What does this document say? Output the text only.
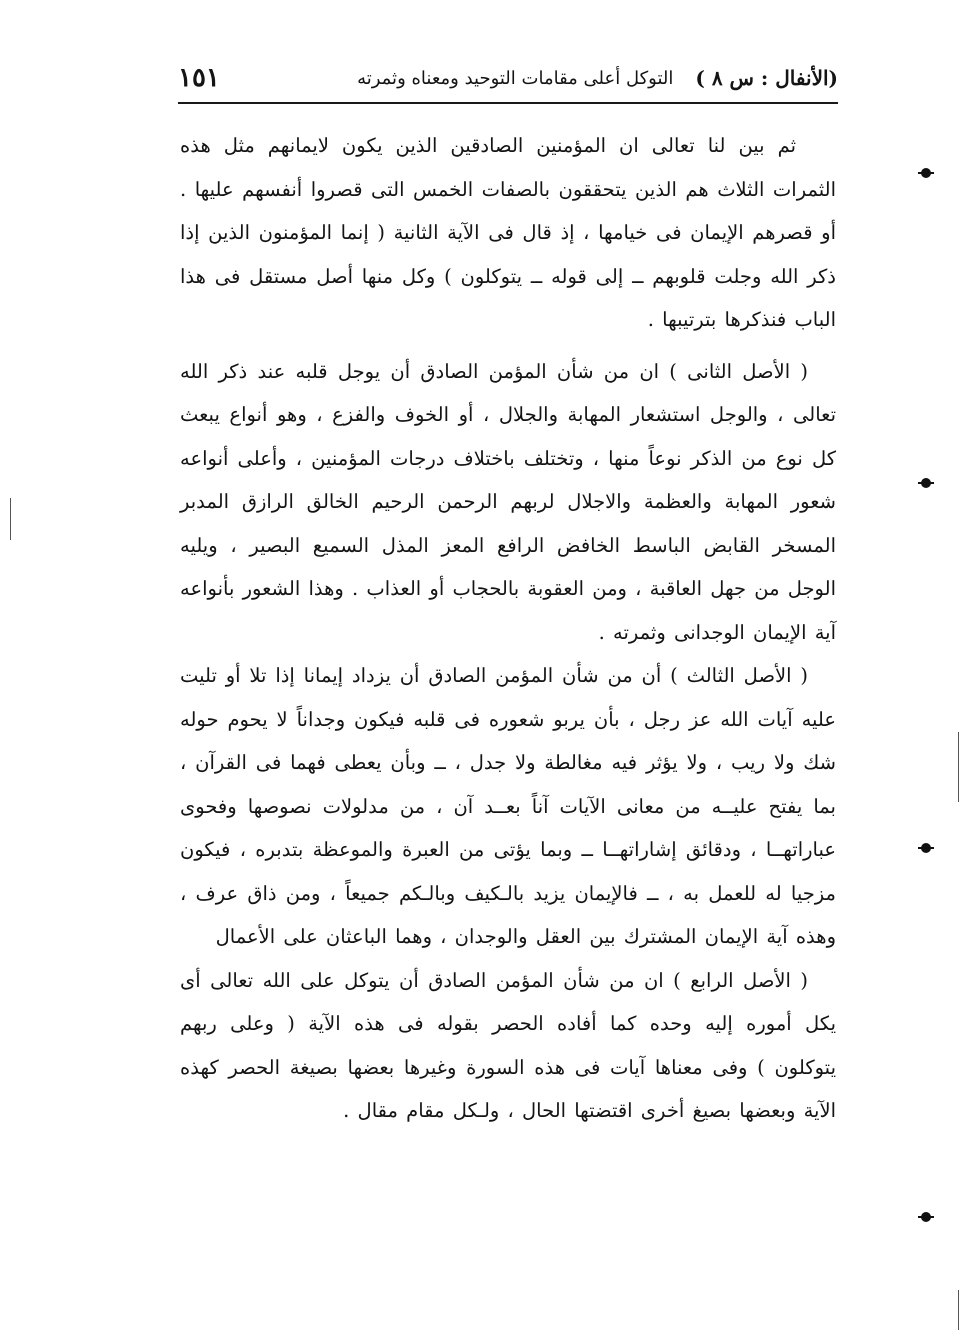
(الأنفال : س ٨ )
التوكل أعلى مقامات التوحيد ومعناه وثمرته
١٥١

ثم بين لنا تعالى ان المؤمنين الصادقين الذين يكون لايمانهم مثل هذه الثمرات الثلاث هم الذين يتحققون بالصفات الخمس التى قصروا أنفسهم عليها . أو قصرهم الإيمان فى خيامها ، إذ قال فى الآية الثانية ( إنما المؤمنون الذين إذا ذكر الله وجلت قلوبهم ــ إلى قوله ــ يتوكلون ) وكل منها أصل مستقل فى هذا الباب فنذكرها بترتيبها .

( الأصل الثانى ) ان من شأن المؤمن الصادق أن يوجل قلبه عند ذكر الله تعالى ، والوجل استشعار المهابة والجلال ، أو الخوف والفزع ، وهو أنواع يبعث كل نوع من الذكر نوعاً منها ، وتختلف باختلاف درجات المؤمنين ، وأعلى أنواعه شعور المهابة والعظمة والاجلال لربهم الرحمن الرحيم الخالق الرازق المدبر المسخر القابض الباسط الخافض الرافع المعز المذل السميع البصير ، ويليه الوجل من جهل العاقبة ، ومن العقوبة بالحجاب أو العذاب . وهذا الشعور بأنواعه آية الإيمان الوجدانى وثمرته .

( الأصل الثالث ) أن من شأن المؤمن الصادق أن يزداد إيمانا إذا تلا أو تليت عليه آيات الله عز رجل ، بأن يربو شعوره فى قلبه فيكون وجداناً لا يحوم حوله شك ولا ريب ، ولا يؤثر فيه مغالطة ولا جدل ، ــ وبأن يعطى فهما فى القرآن ، بما يفتح عليــه من معانى الآيات آناً بعــد آن ، من مدلولات نصوصها وفحوى عباراتهــا ، ودقائق إشاراتهــا ــ وبما يؤتى من العبرة والموعظة بتدبره ، فيكون مزجيا له للعمل به ، ــ فالإيمان يزيد بالـكيف وبالـكم جميعاً ، ومن ذاق عرف ، وهذه آية الإيمان المشترك بين العقل والوجدان ، وهما الباعثان على الأعمال

( الأصل الرابع ) ان من شأن المؤمن الصادق أن يتوكل على الله تعالى أى يكل أموره إليه وحده كما أفاده الحصر بقوله فى هذه الآية ( وعلى ربهم يتوكلون ) وفى معناها آيات فى هذه السورة وغيرها بعضها بصيغة الحصر كهذه الآية وبعضها بصيغ أخرى اقتضتها الحال ، ولـكل مقام مقال .
